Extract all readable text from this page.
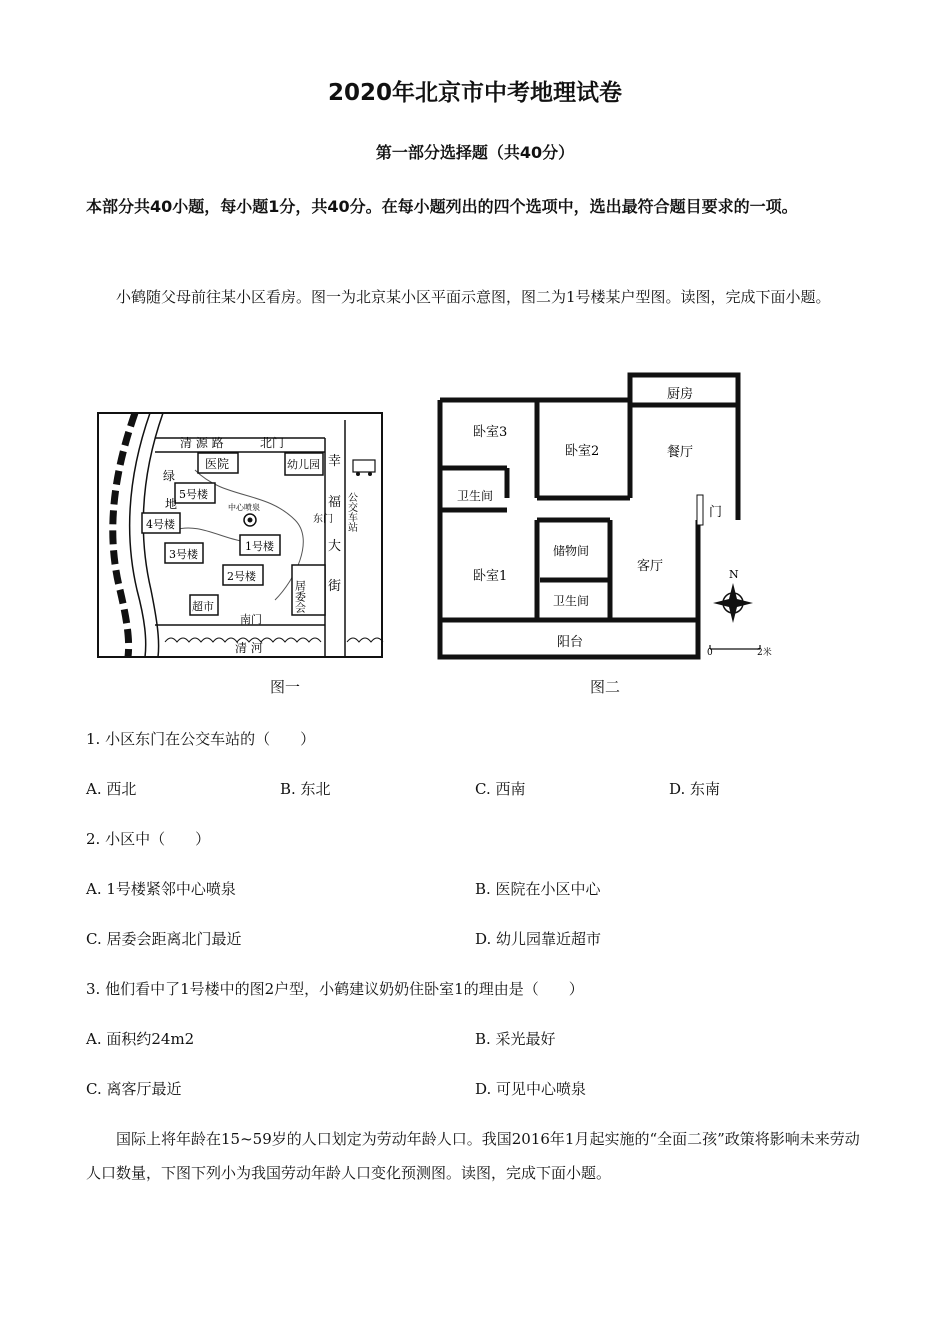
2020年北京市中考地理试卷
第一部分选择题（共40分）
本部分共40小题，每小题1分，共40分。在每小题列出的四个选项中，选出最符合题目要求的一项。
小鹤随父母前往某小区看房。图一为北京某小区平面示意图，图二为1号楼某户型图。读图，完成下面小题。
清 源 路	北门
医院	幼儿园 幸
福
大
街
东门 公交车站
绿
地
5号楼
4号楼
3号楼
1号楼
2号楼
中心喷泉
居委会
超市
南门
清 河
厨房
卧室3
卧室2	餐厅
卫生间
门
储物间
卧室1
客厅
卫生间
阳台
N
0	2米
图一	图二
1. 小区东门在公交车站的（　　）
A. 西北	B. 东北	C. 西南	D. 东南
2. 小区中（　　）
A. 1号楼紧邻中心喷泉	B. 医院在小区中心
C. 居委会距离北门最近	D. 幼儿园靠近超市
3. 他们看中了1号楼中的图2户型，小鹤建议奶奶住卧室1的理由是（　　）
A. 面积约24m2	B. 采光最好
C. 离客厅最近	D. 可见中心喷泉
国际上将年龄在15~59岁的人口划定为劳动年龄人口。我国2016年1月起实施的“全面二孩”政策将影响未来劳动人口数量，下图下列小为我国劳动年龄人口变化预测图。读图，完成下面小题。
